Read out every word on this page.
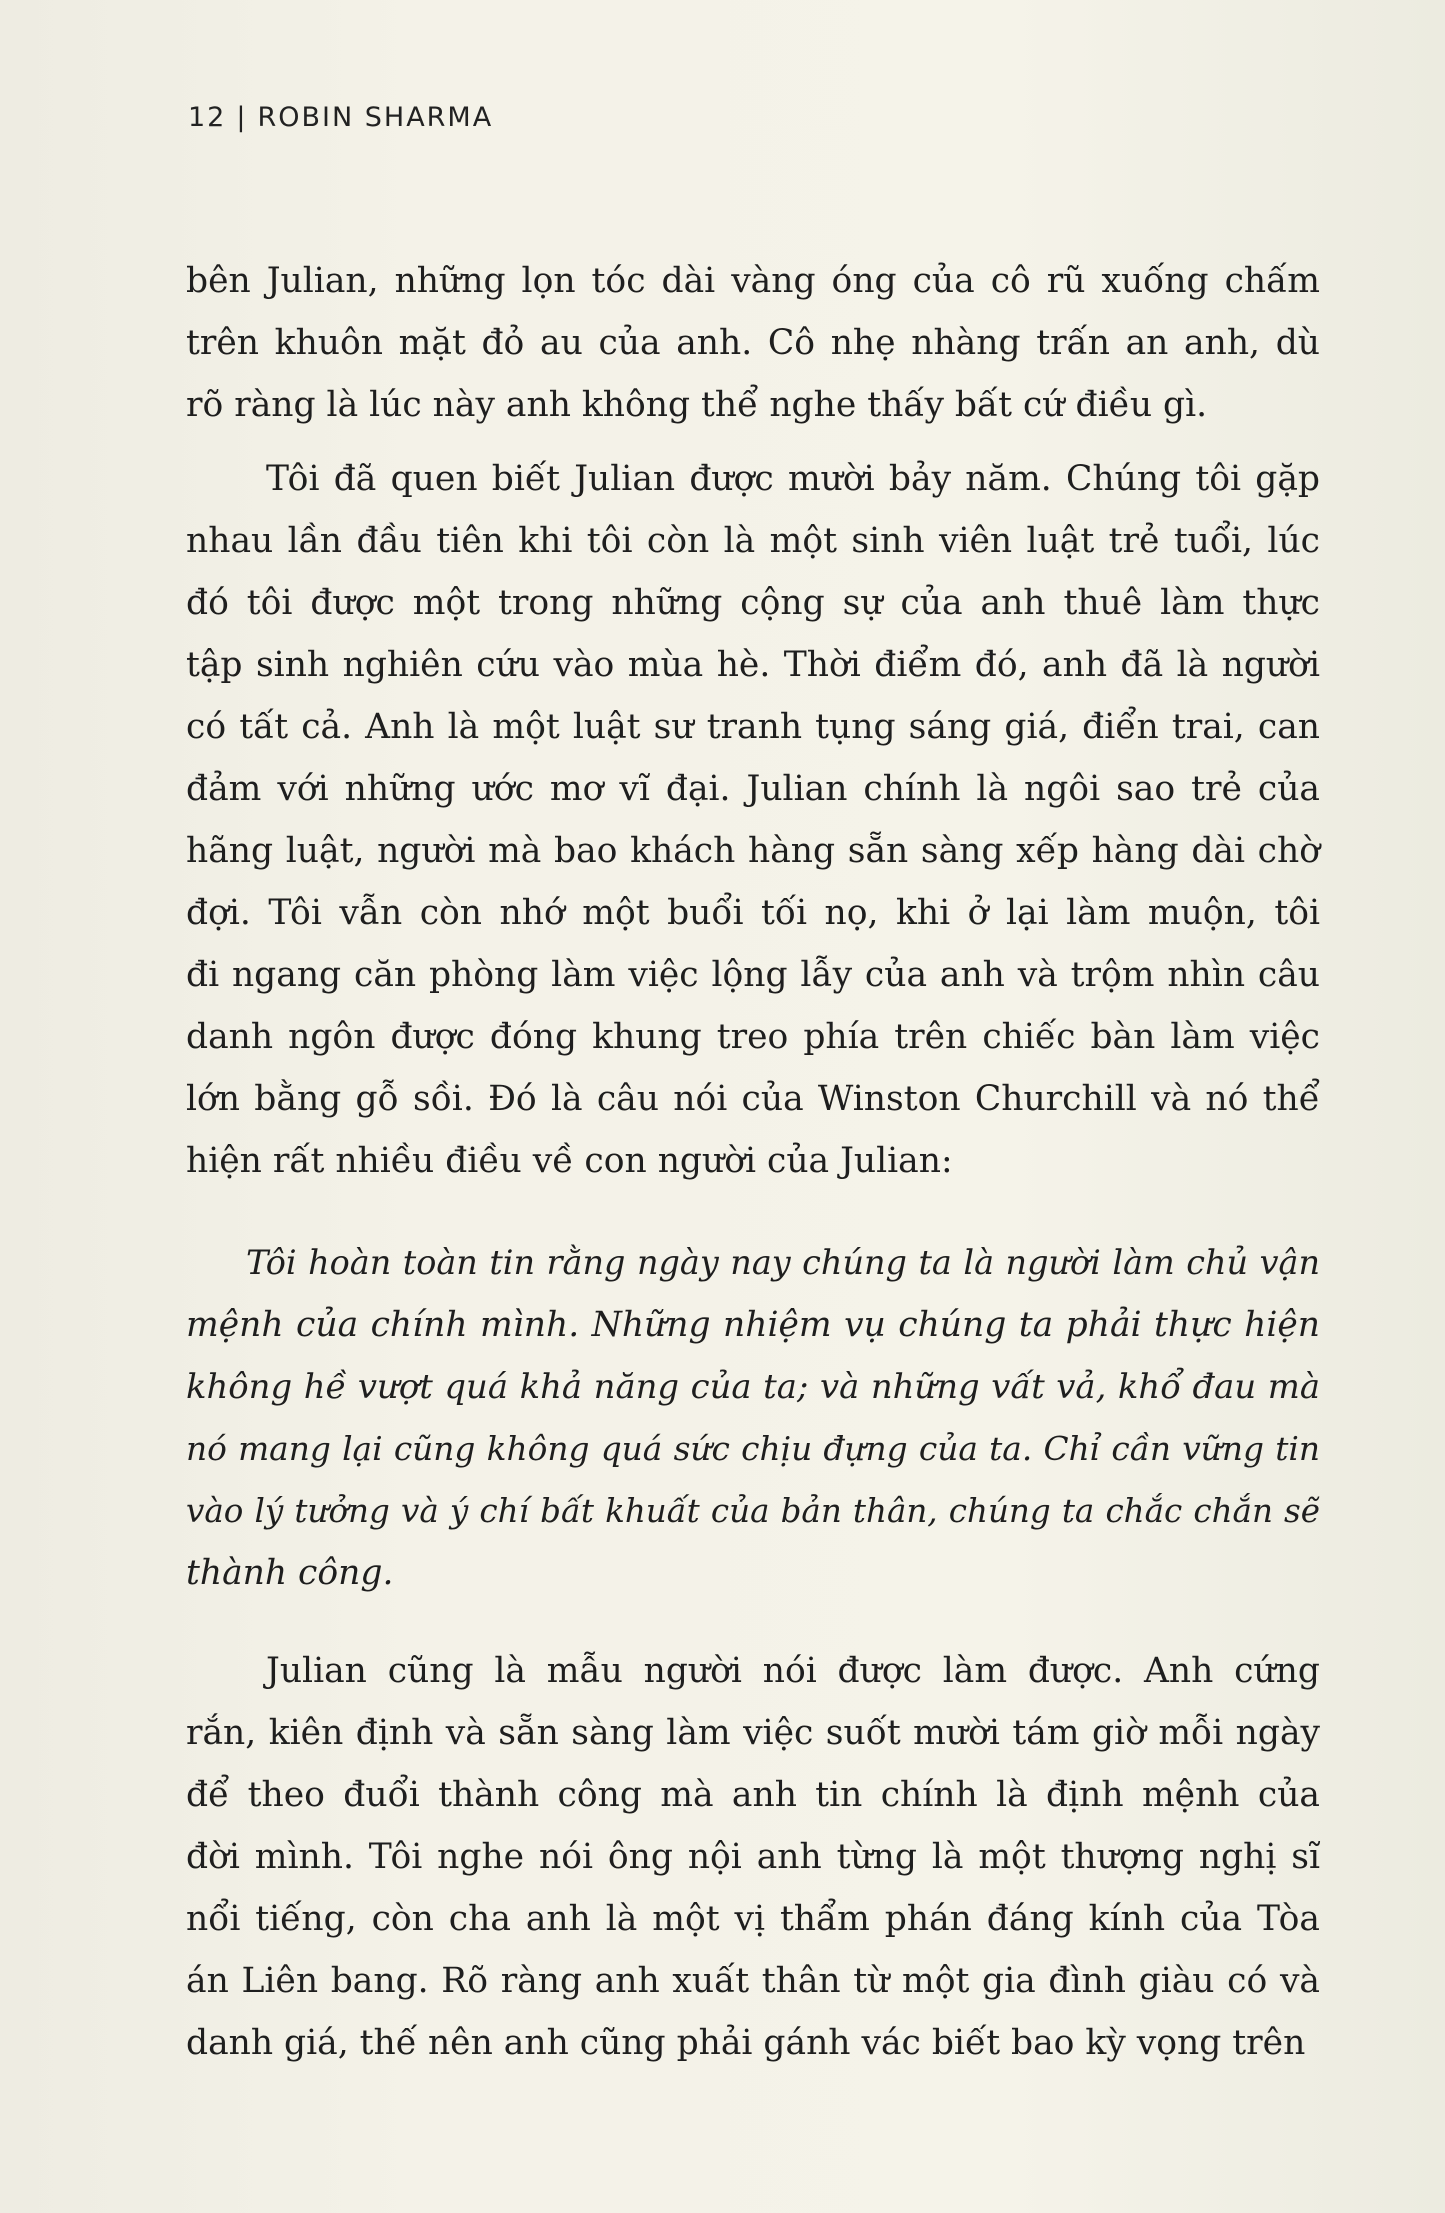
12 | ROBIN SHARMA
bên Julian, những lọn tóc dài vàng óng của cô rũ xuống chấm
trên khuôn mặt đỏ au của anh. Cô nhẹ nhàng trấn an anh, dù
rõ ràng là lúc này anh không thể nghe thấy bất cứ điều gì.
Tôi đã quen biết Julian được mười bảy năm. Chúng tôi gặp
nhau lần đầu tiên khi tôi còn là một sinh viên luật trẻ tuổi, lúc
đó tôi được một trong những cộng sự của anh thuê làm thực
tập sinh nghiên cứu vào mùa hè. Thời điểm đó, anh đã là người
có tất cả. Anh là một luật sư tranh tụng sáng giá, điển trai, can
đảm với những ước mơ vĩ đại. Julian chính là ngôi sao trẻ của
hãng luật, người mà bao khách hàng sẵn sàng xếp hàng dài chờ
đợi. Tôi vẫn còn nhớ một buổi tối nọ, khi ở lại làm muộn, tôi
đi ngang căn phòng làm việc lộng lẫy của anh và trộm nhìn câu
danh ngôn được đóng khung treo phía trên chiếc bàn làm việc
lớn bằng gỗ sồi. Đó là câu nói của Winston Churchill và nó thể
hiện rất nhiều điều về con người của Julian:
Tôi hoàn toàn tin rằng ngày nay chúng ta là người làm chủ vận
mệnh của chính mình. Những nhiệm vụ chúng ta phải thực hiện
không hề vượt quá khả năng của ta; và những vất vả, khổ đau mà
nó mang lại cũng không quá sức chịu đựng của ta. Chỉ cần vững tin
vào lý tưởng và ý chí bất khuất của bản thân, chúng ta chắc chắn sẽ
thành công.
Julian cũng là mẫu người nói được làm được. Anh cứng
rắn, kiên định và sẵn sàng làm việc suốt mười tám giờ mỗi ngày
để theo đuổi thành công mà anh tin chính là định mệnh của
đời mình. Tôi nghe nói ông nội anh từng là một thượng nghị sĩ
nổi tiếng, còn cha anh là một vị thẩm phán đáng kính của Tòa
án Liên bang. Rõ ràng anh xuất thân từ một gia đình giàu có và
danh giá, thế nên anh cũng phải gánh vác biết bao kỳ vọng trên
